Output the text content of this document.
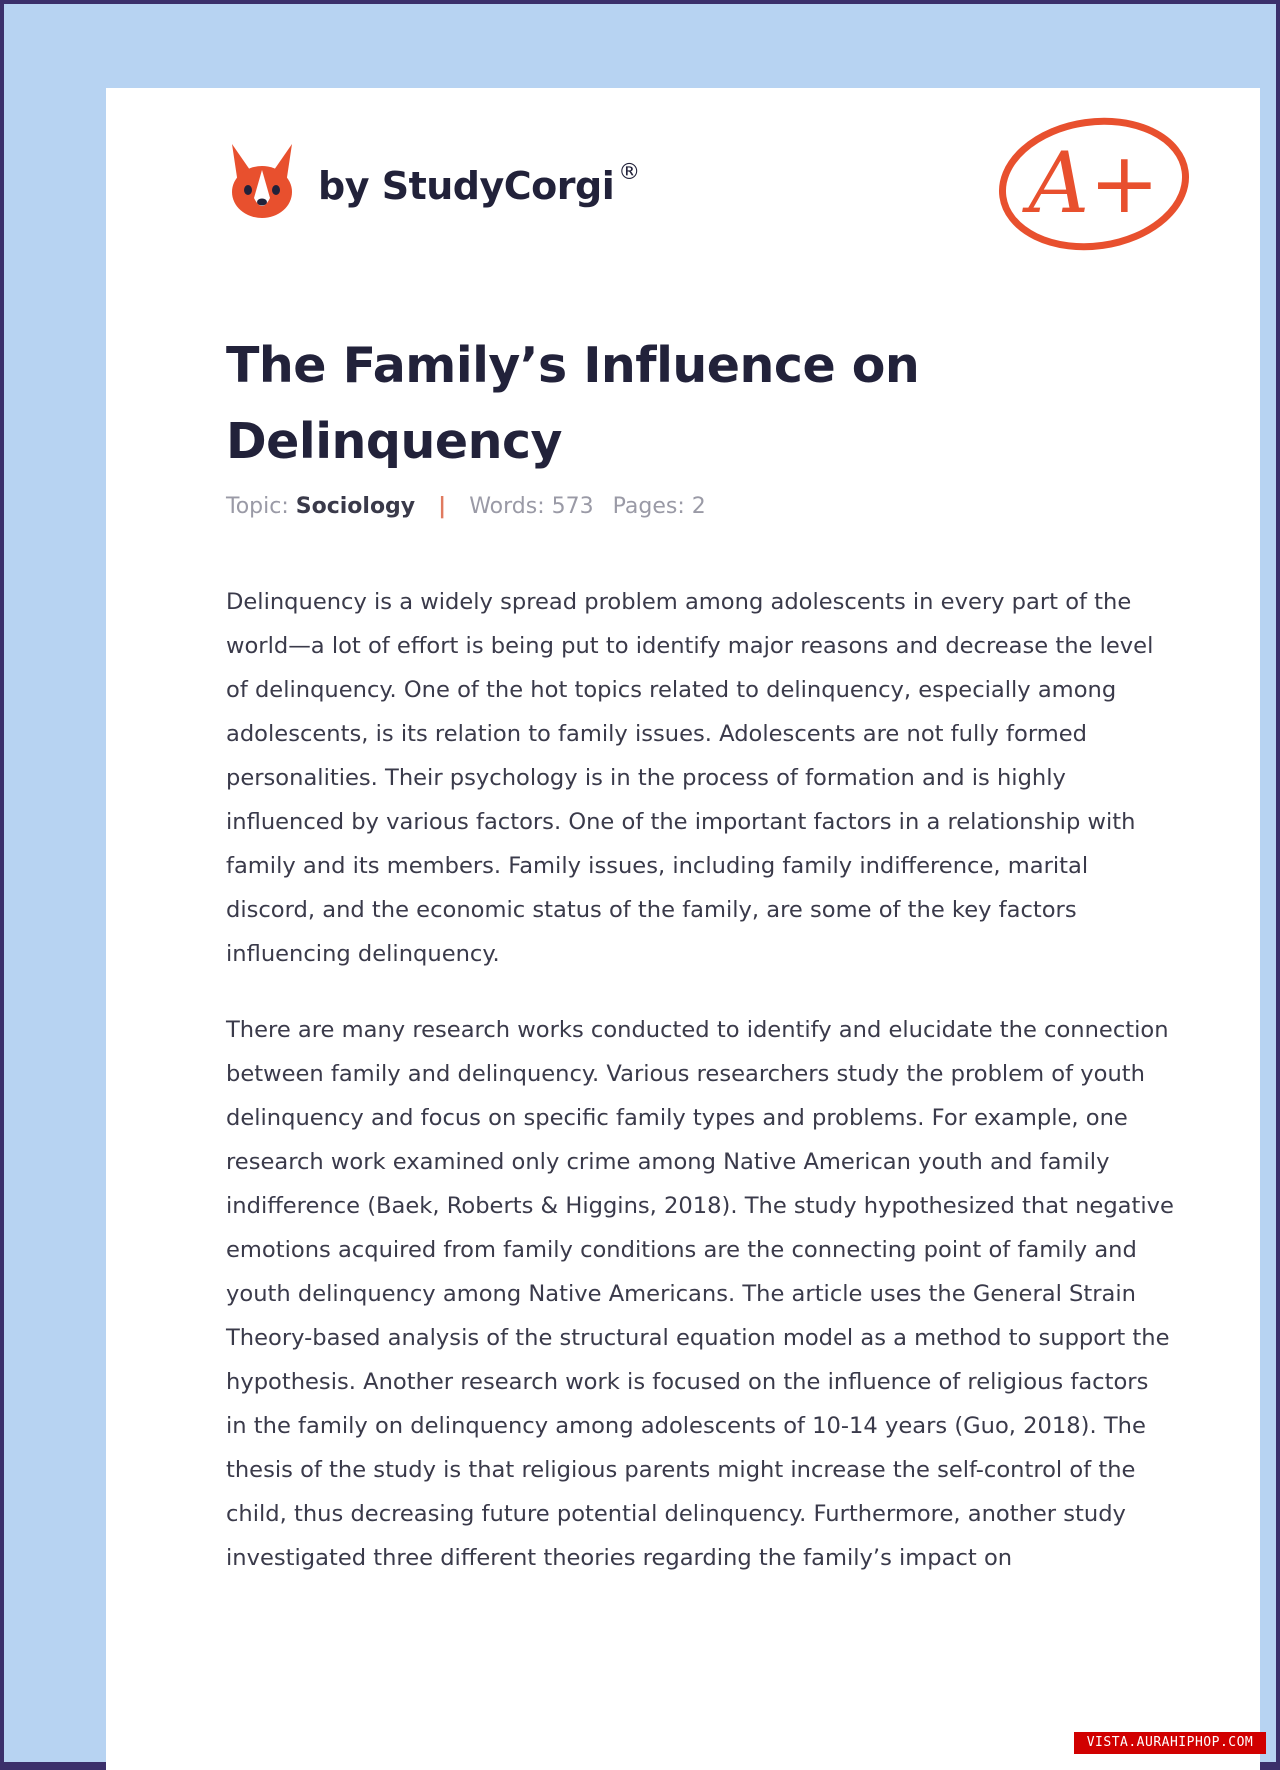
by StudyCorgi ®	A+
The Family’s Influence on Delinquency
Topic: Sociology | Words: 573 Pages: 2

Delinquency is a widely spread problem among adolescents in every part of the world—a lot of effort is being put to identify major reasons and decrease the level of delinquency. One of the hot topics related to delinquency, especially among adolescents, is its relation to family issues. Adolescents are not fully formed personalities. Their psychology is in the process of formation and is highly influenced by various factors. One of the important factors in a relationship with family and its members. Family issues, including family indifference, marital discord, and the economic status of the family, are some of the key factors influencing delinquency.

There are many research works conducted to identify and elucidate the connection between family and delinquency. Various researchers study the problem of youth delinquency and focus on specific family types and problems. For example, one research work examined only crime among Native American youth and family indifference (Baek, Roberts & Higgins, 2018). The study hypothesized that negative emotions acquired from family conditions are the connecting point of family and youth delinquency among Native Americans. The article uses the General Strain Theory-based analysis of the structural equation model as a method to support the hypothesis. Another research work is focused on the influence of religious factors in the family on delinquency among adolescents of 10-14 years (Guo, 2018). The thesis of the study is that religious parents might increase the self-control of the child, thus decreasing future potential delinquency. Furthermore, another study investigated three different theories regarding the family’s impact on

VISTA.AURAHIPHOP.COM
